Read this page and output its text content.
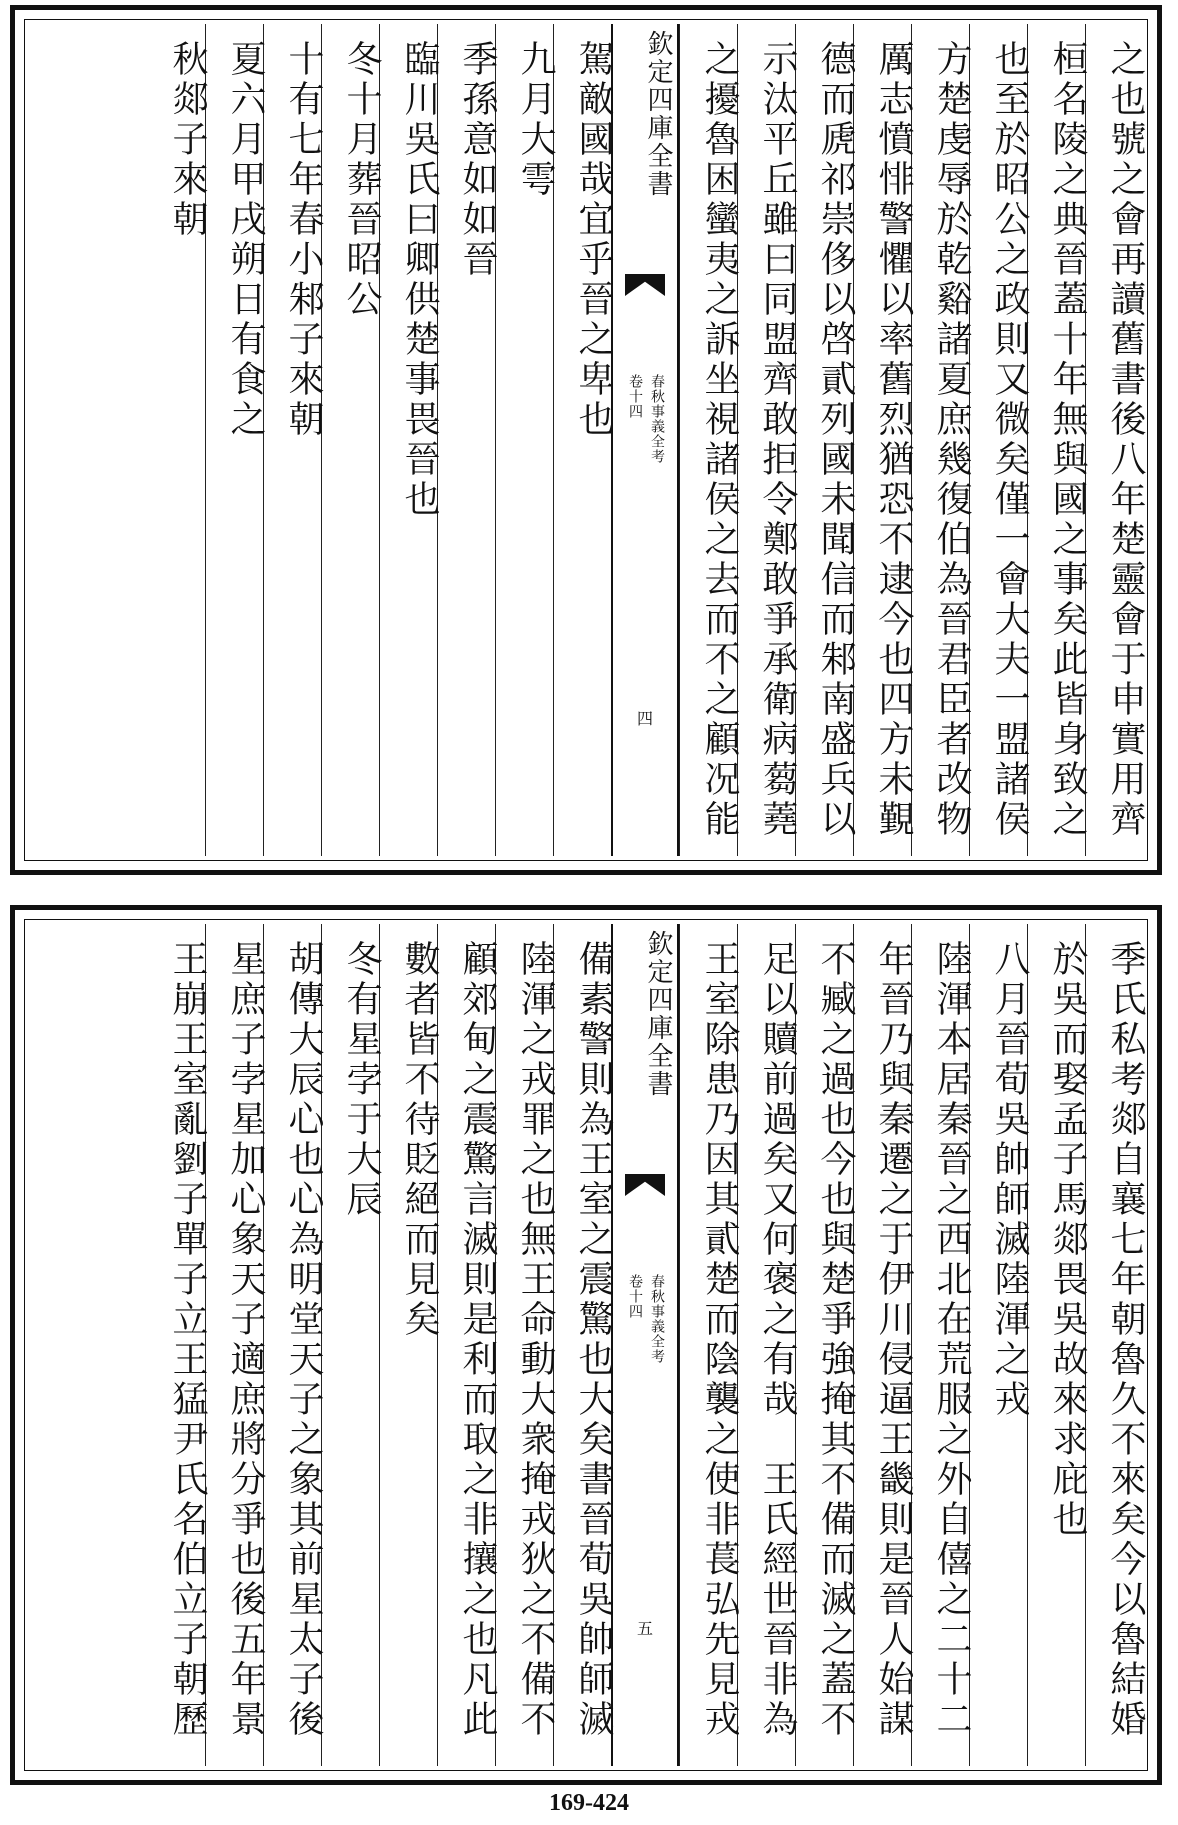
之也號之會再讀舊書後八年楚靈會于申實用齊
桓名陵之典晉蓋十年無與國之事矣此皆身致之
也至於昭公之政則又微矣僅一會大夫一盟諸侯
方楚虔辱於乾谿諸夏庶幾復伯為晉君臣者改物
厲志憤悱警懼以率舊烈猶恐不逮今也四方未覲
德而虒祁崇侈以啓貳列國未聞信而邾南盛兵以
示汰平丘雖曰同盟齊敢拒令鄭敢爭承衛病蒭蕘
之擾魯困蠻夷之訴坐視諸侯之去而不之顧况能
欽定四庫全書
春秋事義全考
卷十四
四
駕敵國哉宜乎晉之卑也
九月大雩
季孫意如如晉
臨川吳氏曰卿供楚事畏晉也
冬十月葬晉昭公
十有七年春小邾子來朝
夏六月甲戌朔日有食之
秋郯子來朝
季氏私考郯自襄七年朝魯久不來矣今以魯結婚
於吳而娶孟子馬郯畏吳故來求庇也
八月晉荀吳帥師滅陸渾之戎
陸渾本居秦晉之西北在荒服之外自僖之二十二
年晉乃與秦遷之于伊川侵逼王畿則是晉人始謀
不臧之過也今也與楚爭強掩其不備而滅之蓋不
足以贖前過矣又何褒之有哉　王氏經世晉非為
王室除患乃因其貳楚而陰襲之使非萇弘先見戎
欽定四庫全書
春秋事義全考
卷十四
五
備素警則為王室之震驚也大矣書晉荀吳帥師滅
陸渾之戎罪之也無王命動大衆掩戎狄之不備不
顧郊甸之震驚言滅則是利而取之非攘之也凡此
數者皆不待貶絕而見矣
冬有星孛于大辰
胡傳大辰心也心為明堂天子之象其前星太子後
星庶子孛星加心象天子適庶將分爭也後五年景
王崩王室亂劉子單子立王猛尹氏名伯立子朝歷
169-424
